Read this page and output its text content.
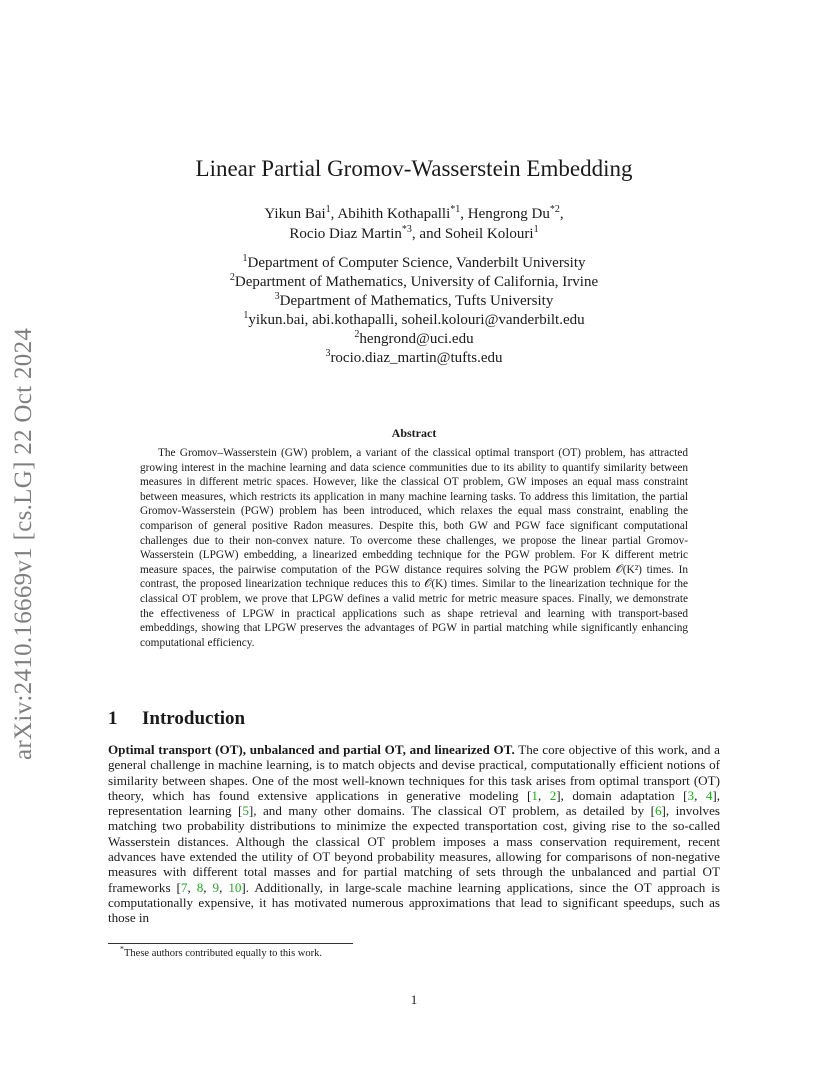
arXiv:2410.16669v1 [cs.LG] 22 Oct 2024
Linear Partial Gromov-Wasserstein Embedding
Yikun Bai$^1$, Abihith Kothapalli$^{*1}$, Hengrong Du$^{*2}$,
Rocio Diaz Martin$^{*3}$, and Soheil Kolouri$^1$
$^1$Department of Computer Science, Vanderbilt University
$^2$Department of Mathematics, University of California, Irvine
$^3$Department of Mathematics, Tufts University
$^1$yikun.bai, abi.kothapalli, soheil.kolouri@vanderbilt.edu
$^2$hengrond@uci.edu
$^3$rocio.diaz_martin@tufts.edu
Abstract
The Gromov–Wasserstein (GW) problem, a variant of the classical optimal transport (OT) problem, has attracted growing interest in the machine learning and data science communities due to its ability to quantify similarity between measures in different metric spaces. However, like the classical OT problem, GW imposes an equal mass constraint between measures, which restricts its application in many machine learning tasks. To address this limitation, the partial Gromov-Wasserstein (PGW) problem has been introduced, which relaxes the equal mass constraint, enabling the comparison of general positive Radon measures. Despite this, both GW and PGW face significant computational challenges due to their non-convex nature. To overcome these challenges, we propose the linear partial Gromov-Wasserstein (LPGW) embedding, a linearized embedding technique for the PGW problem. For K different metric measure spaces, the pairwise computation of the PGW distance requires solving the PGW problem 𝒪(K²) times. In contrast, the proposed linearization technique reduces this to 𝒪(K) times. Similar to the linearization technique for the classical OT problem, we prove that LPGW defines a valid metric for metric measure spaces. Finally, we demonstrate the effectiveness of LPGW in practical applications such as shape retrieval and learning with transport-based embeddings, showing that LPGW preserves the advantages of PGW in partial matching while significantly enhancing computational efficiency.
1 Introduction
Optimal transport (OT), unbalanced and partial OT, and linearized OT. The core objective of this work, and a general challenge in machine learning, is to match objects and devise practical, computationally efficient notions of similarity between shapes. One of the most well-known techniques for this task arises from optimal transport (OT) theory, which has found extensive applications in generative modeling [1, 2], domain adaptation [3, 4], representation learning [5], and many other domains. The classical OT problem, as detailed by [6], involves matching two probability distributions to minimize the expected transportation cost, giving rise to the so-called Wasserstein distances. Although the classical OT problem imposes a mass conservation requirement, recent advances have extended the utility of OT beyond probability measures, allowing for comparisons of non-negative measures with different total masses and for partial matching of sets through the unbalanced and partial OT frameworks [7, 8, 9, 10]. Additionally, in large-scale machine learning applications, since the OT approach is computationally expensive, it has motivated numerous approximations that lead to significant speedups, such as those in
*These authors contributed equally to this work.
1
